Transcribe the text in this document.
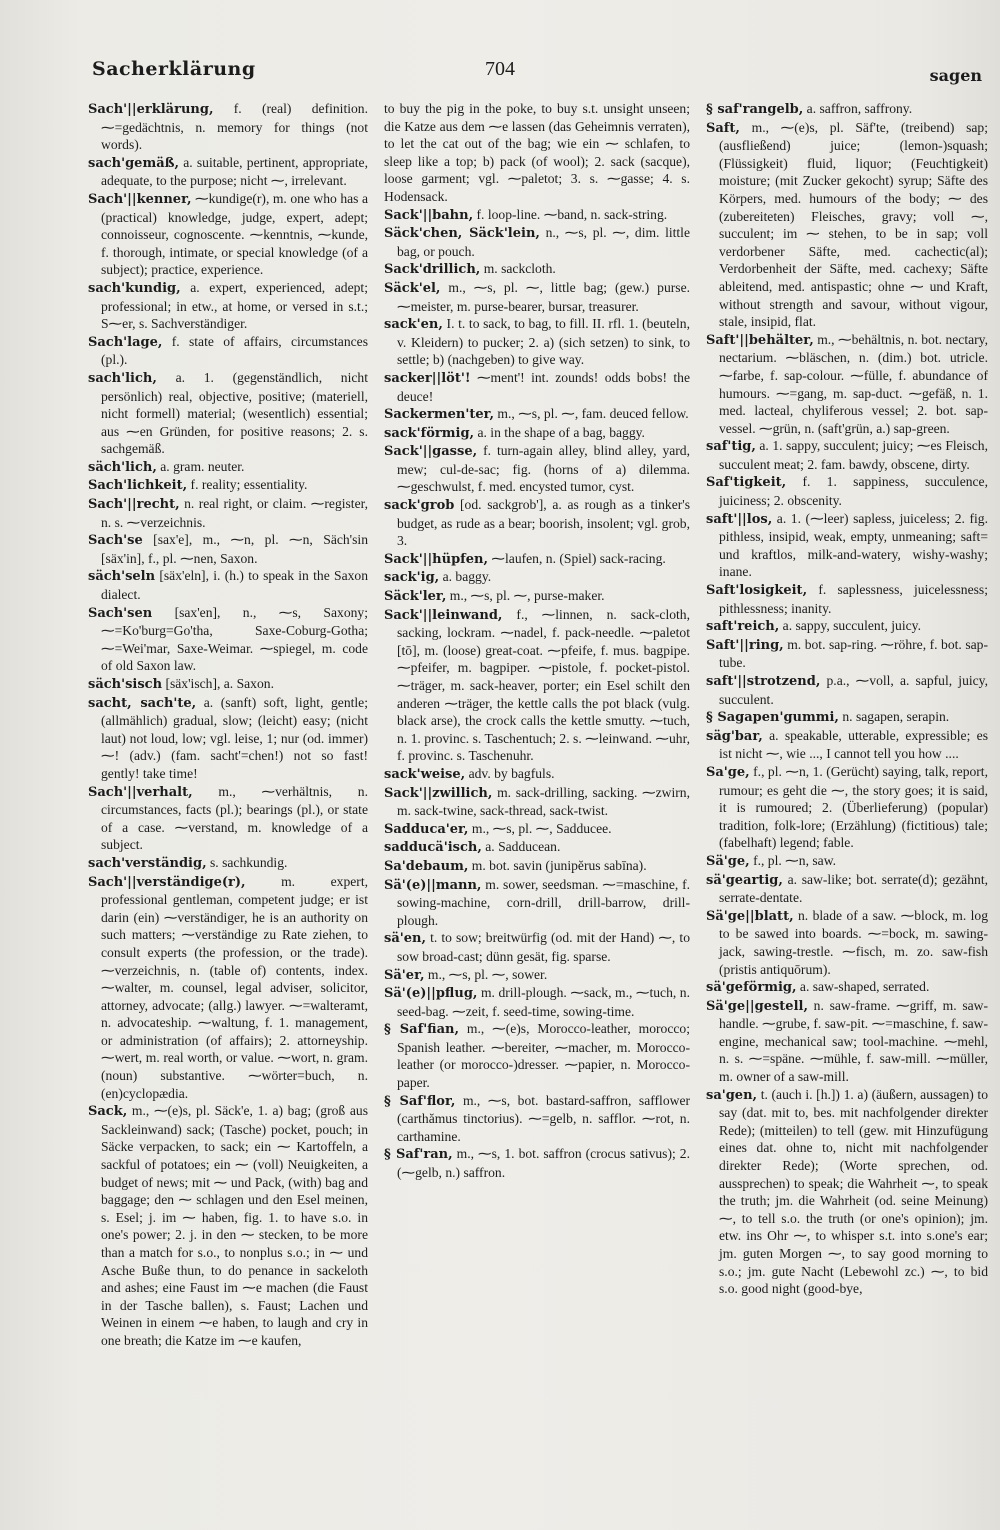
Sacherklärung	704	sagen

Sach'||erklärung, f. (real) definition. ⁓=gedächtnis, n. memory for things (not words).

sach'gemäß, a. suitable, pertinent, appropriate, adequate, to the purpose; nicht ⁓, irrelevant.

Sach'||kenner, ⁓kundige(r), m. one who has a (practical) knowledge, judge, expert, adept; connoisseur, cognoscente. ⁓kenntnis, ⁓kunde, f. thorough, intimate, or special knowledge (of a subject); practice, experience.

sach'kundig, a. expert, experienced, adept; professional; in etw., at home, or versed in s.t.; S⁓er, s. Sachverständiger.

Sach'lage, f. state of affairs, circumstances (pl.).

sach'lich, a. 1. (gegenständlich, nicht persönlich) real, objective, positive; (materiell, nicht formell) material; (wesentlich) essential; aus ⁓en Gründen, for positive reasons; 2. s. sachgemäß.

säch'lich, a. gram. neuter.

Sach'lichkeit, f. reality; essentiality.

Sach'||recht, n. real right, or claim. ⁓register, n. s. ⁓verzeichnis.

Sach'se [sax'e], m., ⁓n, pl. ⁓n, Säch'sin [säx'in], f., pl. ⁓nen, Saxon.

säch'seln [säx'eln], i. (h.) to speak in the Saxon dialect.

Sach'sen [sax'en], n., ⁓s, Saxony; ⁓=Ko'burg=Go'tha, Saxe-Coburg-Gotha; ⁓=Wei'mar, Saxe-Weimar. ⁓spiegel, m. code of old Saxon law.

säch'sisch [säx'isch], a. Saxon.

sacht, sach'te, a. (sanft) soft, light, gentle; (allmählich) gradual, slow; (leicht) easy; (nicht laut) not loud, low; vgl. leise, 1; nur (od. immer) ⁓! (adv.) (fam. sacht'=chen!) not so fast! gently! take time!

Sach'||verhalt, m., ⁓verhältnis, n. circumstances, facts (pl.); bearings (pl.), or state of a case. ⁓verstand, m. knowledge of a subject.

sach'verständig, s. sachkundig.

Sach'||verständige(r), m. expert, professional gentleman, competent judge; er ist darin (ein) ⁓verständiger, he is an authority on such matters; ⁓verständige zu Rate ziehen, to consult experts (the profession, or the trade). ⁓verzeichnis, n. (table of) contents, index. ⁓walter, m. counsel, legal adviser, solicitor, attorney, advocate; (allg.) lawyer. ⁓=walteramt, n. advocateship. ⁓waltung, f. 1. management, or administration (of affairs); 2. attorneyship. ⁓wert, m. real worth, or value. ⁓wort, n. gram. (noun) substantive. ⁓wörter=buch, n. (en)cyclopædia.

Sack, m., ⁓(e)s, pl. Säck'e, 1. a) bag; (groß aus Sackleinwand) sack; (Tasche) pocket, pouch; in Säcke verpacken, to sack; ein ⁓ Kartoffeln, a sackful of potatoes; ein ⁓ (voll) Neuigkeiten, a budget of news; mit ⁓ und Pack, (with) bag and baggage; den ⁓ schlagen und den Esel meinen, s. Esel; j. im ⁓ haben, fig. 1. to have s.o. in one's power; 2. j. in den ⁓ stecken, to be more than a match for s.o., to nonplus s.o.; in ⁓ und Asche Buße thun, to do penance in sackeloth and ashes; eine Faust im ⁓e machen (die Faust in der Tasche ballen), s. Faust; Lachen und Weinen in einem ⁓e haben, to laugh and cry in one breath; die Katze im ⁓e kaufen,

to buy the pig in the poke, to buy s.t. unsight unseen; die Katze aus dem ⁓e lassen (das Geheimnis verraten), to let the cat out of the bag; wie ein ⁓ schlafen, to sleep like a top; b) pack (of wool); 2. sack (sacque), loose garment; vgl. ⁓paletot; 3. s. ⁓gasse; 4. s. Hodensack.

Sack'||bahn, f. loop-line. ⁓band, n. sack-string.

Säck'chen, Säck'lein, n., ⁓s, pl. ⁓, dim. little bag, or pouch.

Sack'drillich, m. sackcloth.

Säck'el, m., ⁓s, pl. ⁓, little bag; (gew.) purse. ⁓meister, m. purse-bearer, bursar, treasurer.

sack'en, I. t. to sack, to bag, to fill. II. rfl. 1. (beuteln, v. Kleidern) to pucker; 2. a) (sich setzen) to sink, to settle; b) (nachgeben) to give way.

sacker||löt'! ⁓ment'! int. zounds! odds bobs! the deuce!

Sackermen'ter, m., ⁓s, pl. ⁓, fam. deuced fellow.

sack'förmig, a. in the shape of a bag, baggy.

Sack'||gasse, f. turn-again alley, blind alley, yard, mew; cul-de-sac; fig. (horns of a) dilemma. ⁓geschwulst, f. med. encysted tumor, cyst.

sack'grob [od. sackgrob'], a. as rough as a tinker's budget, as rude as a bear; boorish, insolent; vgl. grob, 3.

Sack'||hüpfen, ⁓laufen, n. (Spiel) sack-racing.

sack'ig, a. baggy.

Säck'ler, m., ⁓s, pl. ⁓, purse-maker.

Sack'||leinwand, f., ⁓linnen, n. sack-cloth, sacking, lockram. ⁓nadel, f. pack-needle. ⁓paletot [tō], m. (loose) great-coat. ⁓pfeife, f. mus. bagpipe. ⁓pfeifer, m. bagpiper. ⁓pistole, f. pocket-pistol. ⁓träger, m. sack-heaver, porter; ein Esel schilt den anderen ⁓träger, the kettle calls the pot black (vulg. black arse), the crock calls the kettle smutty. ⁓tuch, n. 1. provinc. s. Taschentuch; 2. s. ⁓leinwand. ⁓uhr, f. provinc. s. Taschenuhr.

sack'weise, adv. by bagfuls.

Sack'||zwillich, m. sack-drilling, sacking. ⁓zwirn, m. sack-twine, sack-thread, sack-twist.

Sadduca'er, m., ⁓s, pl. ⁓, Sadducee.

sadducä'isch, a. Sadducean.

Sa'debaum, m. bot. savin (junipĕrus sabīna).

Sä'(e)||mann, m. sower, seedsman. ⁓=maschine, f. sowing-machine, corn-drill, drill-barrow, drill-plough.

sä'en, t. to sow; breitwürfig (od. mit der Hand) ⁓, to sow broad-cast; dünn gesät, fig. sparse.

Sä'er, m., ⁓s, pl. ⁓, sower.

Sä'(e)||pflug, m. drill-plough. ⁓sack, m., ⁓tuch, n. seed-bag. ⁓zeit, f. seed-time, sowing-time.

§ Saf'fian, m., ⁓(e)s, Morocco-leather, morocco; Spanish leather. ⁓bereiter, ⁓macher, m. Morocco-leather (or morocco-)dresser. ⁓papier, n. Morocco-paper.

§ Saf'flor, m., ⁓s, bot. bastard-saffron, safflower (carthămus tinctorius). ⁓=gelb, n. safflor. ⁓rot, n. carthamine.

§ Saf'ran, m., ⁓s, 1. bot. saffron (crocus sativus); 2. (⁓gelb, n.) saffron.

§ saf'rangelb, a. saffron, saffrony.

Saft, m., ⁓(e)s, pl. Säf'te, (treibend) sap; (ausfließend) juice; (lemon-)squash; (Flüssigkeit) fluid, liquor; (Feuchtigkeit) moisture; (mit Zucker gekocht) syrup; Säfte des Körpers, med. humours of the body; ⁓ des (zubereiteten) Fleisches, gravy; voll ⁓, succulent; im ⁓ stehen, to be in sap; voll verdorbener Säfte, med. cachectic(al); Verdorbenheit der Säfte, med. cachexy; Säfte ableitend, med. antispastic; ohne ⁓ und Kraft, without strength and savour, without vigour, stale, insipid, flat.

Saft'||behälter, m., ⁓behältnis, n. bot. nectary, nectarium. ⁓bläschen, n. (dim.) bot. utricle. ⁓farbe, f. sap-colour. ⁓fülle, f. abundance of humours. ⁓=gang, m. sap-duct. ⁓gefäß, n. 1. med. lacteal, chyliferous vessel; 2. bot. sap-vessel. ⁓grün, n. (saft'grün, a.) sap-green.

saf'tig, a. 1. sappy, succulent; juicy; ⁓es Fleisch, succulent meat; 2. fam. bawdy, obscene, dirty.

Saf'tigkeit, f. 1. sappiness, succulence, juiciness; 2. obscenity.

saft'||los, a. 1. (⁓leer) sapless, juiceless; 2. fig. pithless, insipid, weak, empty, unmeaning; saft= und kraftlos, milk-and-watery, wishy-washy; inane.

Saft'losigkeit, f. saplessness, juicelessness; pithlessness; inanity.

saft'reich, a. sappy, succulent, juicy.

Saft'||ring, m. bot. sap-ring. ⁓röhre, f. bot. sap-tube.

saft'||strotzend, p.a., ⁓voll, a. sapful, juicy, succulent.

§ Sagapen'gummi, n. sagapen, serapin.

säg'bar, a. speakable, utterable, expressible; es ist nicht ⁓, wie ..., I cannot tell you how ....

Sa'ge, f., pl. ⁓n, 1. (Gerücht) saying, talk, report, rumour; es geht die ⁓, the story goes; it is said, it is rumoured; 2. (Überlieferung) (popular) tradition, folk-lore; (Erzählung) (fictitious) tale; (fabelhaft) legend; fable.

Sä'ge, f., pl. ⁓n, saw.

sä'geartig, a. saw-like; bot. serrate(d); gezähnt, serrate-dentate.

Sä'ge||blatt, n. blade of a saw. ⁓block, m. log to be sawed into boards. ⁓=bock, m. sawing-jack, sawing-trestle. ⁓fisch, m. zo. saw-fish (pristis antiquōrum).

sä'geförmig, a. saw-shaped, serrated.

Sä'ge||gestell, n. saw-frame. ⁓griff, m. saw-handle. ⁓grube, f. saw-pit. ⁓=maschine, f. saw-engine, mechanical saw; tool-machine. ⁓mehl, n. s. ⁓=späne. ⁓mühle, f. saw-mill. ⁓müller, m. owner of a saw-mill.

sa'gen, t. (auch i. [h.]) 1. a) (äußern, aussagen) to say (dat. mit to, bes. mit nachfolgender direkter Rede); (mitteilen) to tell (gew. mit Hinzufügung eines dat. ohne to, nicht mit nachfolgender direkter Rede); (Worte sprechen, od. aussprechen) to speak; die Wahrheit ⁓, to speak the truth; jm. die Wahrheit (od. seine Meinung) ⁓, to tell s.o. the truth (or one's opinion); jm. etw. ins Ohr ⁓, to whisper s.t. into s.one's ear; jm. guten Morgen ⁓, to say good morning to s.o.; jm. gute Nacht (Lebewohl zc.) ⁓, to bid s.o. good night (good-bye,
